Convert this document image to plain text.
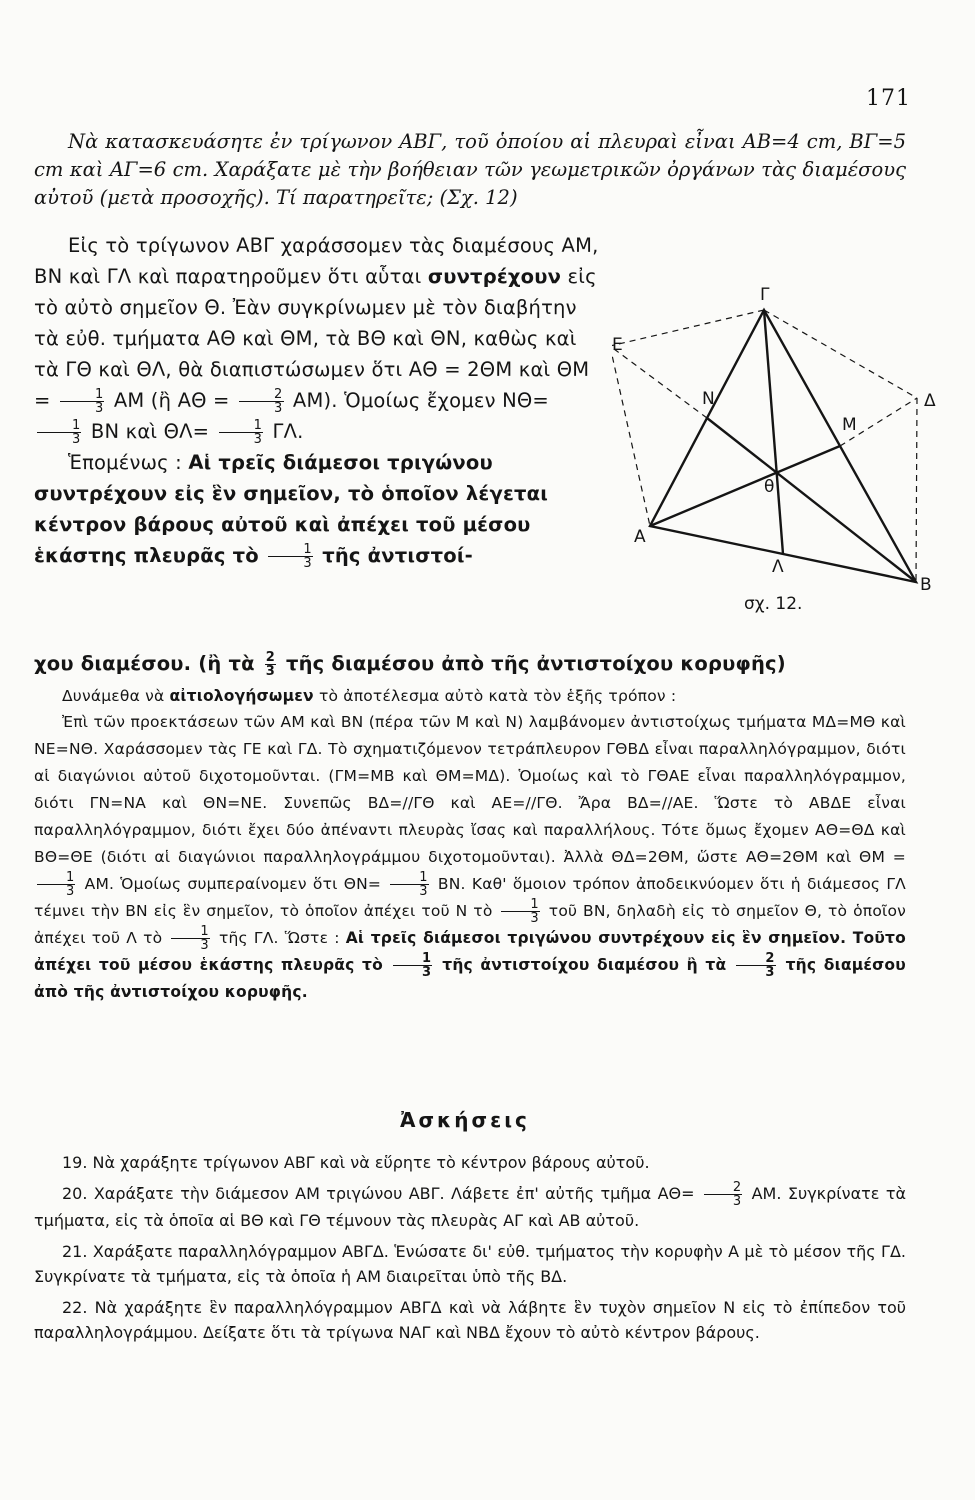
171
Νὰ κατασκευάσητε ἐν τρίγωνον ΑΒΓ, τοῦ ὁποίου αἱ πλευραὶ εἶναι ΑΒ=4 cm, ΒΓ=5 cm καὶ ΑΓ=6 cm. Χαράξατε μὲ τὴν βοήθειαν τῶν γεωμετρικῶν ὀργάνων τὰς διαμέσους αὐτοῦ (μετὰ προσοχῆς). Τί παρατηρεῖτε; (Σχ. 12)

Εἰς τὸ τρίγωνον ΑΒΓ χαράσσομεν τὰς διαμέσους ΑΜ, ΒΝ καὶ ΓΛ καὶ παρατηροῦμεν ὅτι αὗται συντρέχουν εἰς τὸ αὐτὸ σημεῖον Θ. Ἐὰν συγκρίνωμεν μὲ τὸν διαβήτην τὰ εὐθ. τμήματα ΑΘ καὶ ΘΜ, τὰ ΒΘ καὶ ΘΝ, καθὼς καὶ τὰ ΓΘ καὶ ΘΛ, θὰ διαπιστώσωμεν ὅτι ΑΘ = 2ΘΜ καὶ $\Theta M = \frac{1}{3}$ ΑΜ (ἢ $A\Theta = \frac{2}{3} AM$). Ὁμοίως ἔχομεν ΝΘ=
$\frac{1}{3}$ ΒΝ καὶ $\Theta\Lambda= \frac{1}{3} \Gamma\Lambda$.

Ἑπομένως : Αἱ τρεῖς διάμεσοι τριγώνου συντρέχουν εἰς ἓν σημεῖον, τὸ ὁποῖον λέγεται κέντρον βάρους αὐτοῦ καὶ ἀπέχει τοῦ μέσου ἑκάστης πλευρᾶς τὸ $\frac{1}{3}$ τῆς ἀντιστοί-

Γ
Ε
Δ
Ν
Μ
θ
Α
Λ
Β
σχ. 12.

χου διαμέσου. (ἢ τὰ $\frac{2}{3}$ τῆς διαμέσου ἀπὸ τῆς ἀντιστοίχου κορυφῆς)

Δυνάμεθα νὰ αἰτιολογήσωμεν τὸ ἀποτέλεσμα αὐτὸ κατὰ τὸν ἑξῆς τρόπον :

Ἐπὶ τῶν προεκτάσεων τῶν ΑΜ καὶ ΒΝ (πέρα τῶν Μ καὶ Ν) λαμβάνομεν ἀντιστοίχως τμήματα ΜΔ=ΜΘ καὶ ΝΕ=ΝΘ. Χαράσσομεν τὰς ΓΕ καὶ ΓΔ. Τὸ σχηματιζόμενον τετράπλευρον ΓΘΒΔ εἶναι παραλληλόγραμμον, διότι αἱ διαγώνιοι αὐτοῦ διχοτομοῦνται. (ΓΜ=ΜΒ καὶ ΘΜ=ΜΔ). Ὁμοίως καὶ τὸ ΓΘΑΕ εἶναι παραλληλόγραμμον, διότι ΓΝ=ΝΑ καὶ ΘΝ=ΝΕ. Συνεπῶς ΒΔ=//ΓΘ καὶ ΑΕ=//ΓΘ. Ἄρα ΒΔ=//ΑΕ. Ὥστε τὸ ΑΒΔΕ εἶναι παραλληλόγραμμον, διότι ἔχει δύο ἀπέναντι πλευρὰς ἴσας καὶ παραλλήλους. Τότε ὅμως ἔχομεν ΑΘ=ΘΔ καὶ ΒΘ=ΘΕ (διότι αἱ διαγώνιοι παραλληλογράμμου διχοτομοῦνται). Ἀλλὰ ΘΔ=2ΘΜ, ὥστε ΑΘ=2ΘΜ καὶ ΘΜ =
$\frac{1}{3} AM$. Ὁμοίως συμπεραίνομεν ὅτι $\Theta N= \frac{1}{3} BN$. Καθ' ὅμοιον τρόπον ἀποδεικνύομεν ὅτι ἡ διάμεσος ΓΛ τέμνει τὴν ΒΝ εἰς ἓν σημεῖον, τὸ ὁποῖον ἀπέχει τοῦ Ν τὸ $\frac{1}{3}$ τοῦ ΒΝ, δηλαδὴ εἰς τὸ σημεῖον Θ, τὸ ὁποῖον ἀπέχει τοῦ Λ τὸ $\frac{1}{3}$ τῆς ΓΛ. Ὥστε : Αἱ τρεῖς διάμεσοι τριγώνου συντρέχουν εἰς ἓν σημεῖον. Τοῦτο ἀπέχει τοῦ μέσου ἑκάστης πλευρᾶς τὸ $\frac{1}{3}$ τῆς ἀντιστοίχου διαμέσου ἢ τὰ $\frac{2}{3}$ τῆς διαμέσου ἀπὸ τῆς ἀντιστοίχου κορυφῆς.

Ἀσκήσεις

19. Νὰ χαράξητε τρίγωνον ΑΒΓ καὶ νὰ εὕρητε τὸ κέντρον βάρους αὐτοῦ.

20. Χαράξατε τὴν διάμεσον ΑΜ τριγώνου ΑΒΓ. Λάβετε ἐπ' αὐτῆς τμῆμα $A\Theta= \frac{2}{3} AM$. Συγκρίνατε τὰ τμήματα, εἰς τὰ ὁποῖα αἱ ΒΘ καὶ ΓΘ τέμνουν τὰς πλευρὰς ΑΓ καὶ ΑΒ αὐτοῦ.

21. Χαράξατε παραλληλόγραμμον ΑΒΓΔ. Ἑνώσατε δι' εὐθ. τμήματος τὴν κορυφὴν Α μὲ τὸ μέσον τῆς ΓΔ. Συγκρίνατε τὰ τμήματα, εἰς τὰ ὁποῖα ἡ ΑΜ διαιρεῖται ὑπὸ τῆς ΒΔ.

22. Νὰ χαράξητε ἓν παραλληλόγραμμον ΑΒΓΔ καὶ νὰ λάβητε ἓν τυχὸν σημεῖον Ν εἰς τὸ ἐπίπεδον τοῦ παραλληλογράμμου. Δείξατε ὅτι τὰ τρίγωνα ΝΑΓ καὶ ΝΒΔ ἔχουν τὸ αὐτὸ κέντρον βάρους.
